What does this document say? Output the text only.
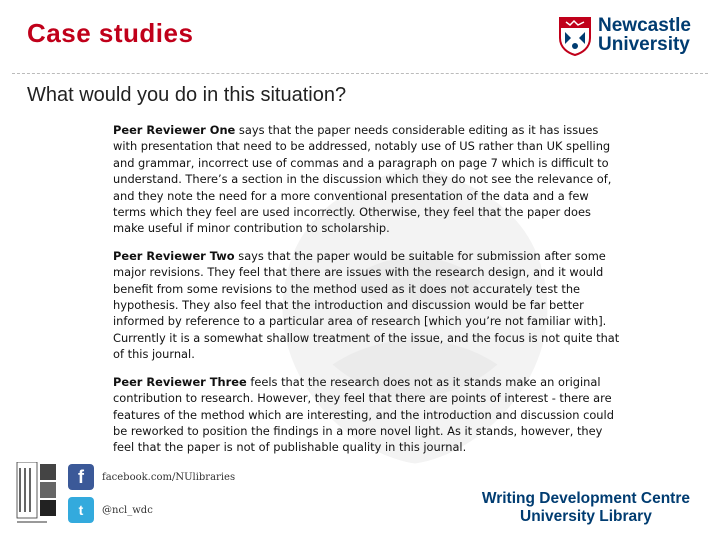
Case studies	Newcastle
University
What would you do in this situation?

Peer Reviewer One says that the paper needs considerable editing as it has issues with presentation that need to be addressed, notably use of US rather than UK spelling and grammar, incorrect use of commas and a paragraph on page 7 which is difficult to understand. There’s a section in the discussion which they do not see the relevance of, and they note the need for a more conventional presentation of the data and a few terms which they feel are used incorrectly. Otherwise, they feel that the paper does make useful if minor contribution to scholarship.

Peer Reviewer Two says that the paper would be suitable for submission after some major revisions. They feel that there are issues with the research design, and it would benefit from some revisions to the method used as it does not accurately test the hypothesis. They also feel that the introduction and discussion would be far better informed by reference to a particular area of research [which you’re not familiar with]. Currently it is a somewhat shallow treatment of the issue, and the focus is not quite that of this journal.

Peer Reviewer Three feels that the research does not as it stands make an original contribution to research. However, they feel that there are points of interest - there are features of the method which are interesting, and the introduction and discussion could be reworked to position the findings in a more novel light. As it stands, however, they feel that the paper is not of publishable quality in this journal.

f	facebook.com/NUlibraries
t	@ncl_wdc
Writing Development Centre
University Library
